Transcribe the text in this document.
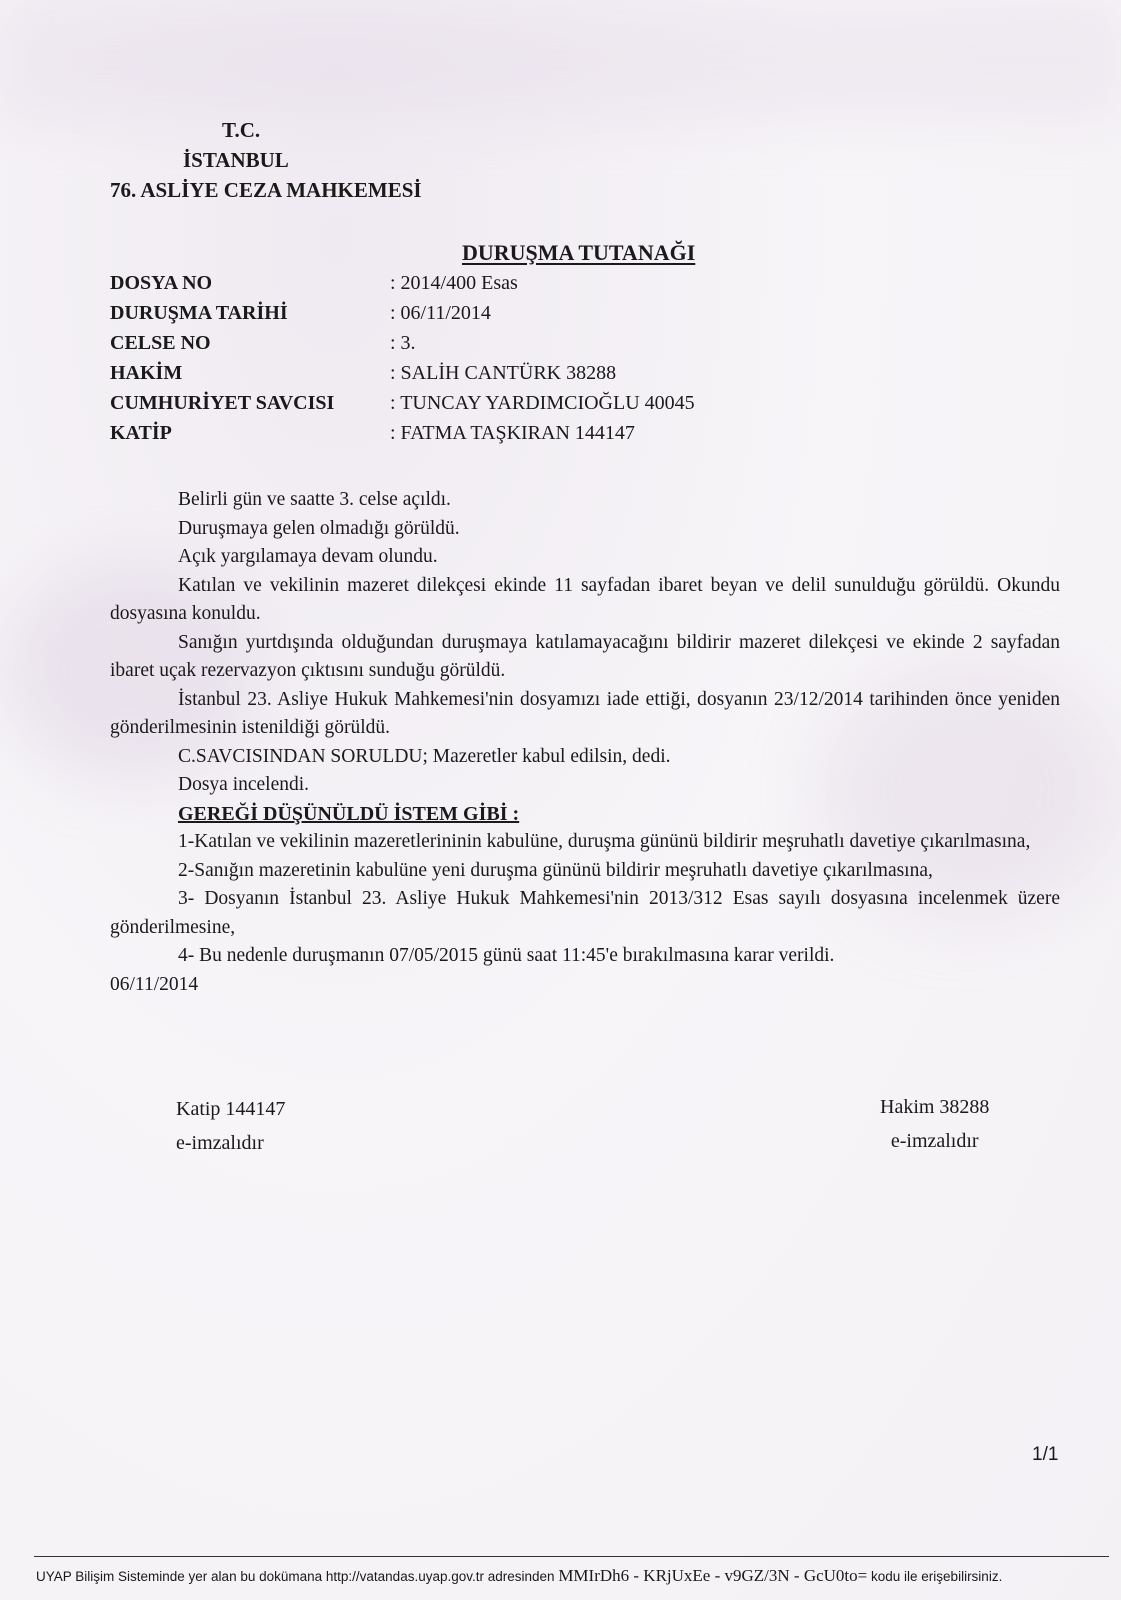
T.C.
İSTANBUL
76. ASLİYE CEZA MAHKEMESİ
DURUŞMA TUTANAĞI
DOSYA NO	: 2014/400 Esas
DURUŞMA TARİHİ	: 06/11/2014
CELSE NO	: 3.
HAKİM	: SALİH CANTÜRK 38288
CUMHURİYET SAVCISI	: TUNCAY YARDIMCIOĞLU 40045
KATİP	: FATMA TAŞKIRAN 144147

Belirli gün ve saatte 3. celse açıldı.

Duruşmaya gelen olmadığı görüldü.

Açık yargılamaya devam olundu.

Katılan ve vekilinin mazeret dilekçesi ekinde 11 sayfadan ibaret beyan ve delil sunulduğu görüldü. Okundu dosyasına konuldu.

Sanığın yurtdışında olduğundan duruşmaya katılamayacağını bildirir mazeret dilekçesi ve ekinde 2 sayfadan ibaret uçak rezervazyon çıktısını sunduğu görüldü.

İstanbul 23. Asliye Hukuk Mahkemesi'nin dosyamızı iade ettiği, dosyanın 23/12/2014 tarihinden önce yeniden gönderilmesinin istenildiği görüldü.

C.SAVCISINDAN SORULDU; Mazeretler kabul edilsin, dedi.

Dosya incelendi.

GEREĞİ DÜŞÜNÜLDÜ İSTEM GİBİ :

1-Katılan ve vekilinin mazeretlerininin kabulüne, duruşma gününü bildirir meşruhatlı davetiye çıkarılmasına,

2-Sanığın mazeretinin kabulüne yeni duruşma gününü bildirir meşruhatlı davetiye çıkarılmasına,

3- Dosyanın İstanbul 23. Asliye Hukuk Mahkemesi'nin 2013/312 Esas sayılı dosyasına incelenmek üzere gönderilmesine,

4- Bu nedenle duruşmanın 07/05/2015 günü saat 11:45'e bırakılmasına karar verildi.

06/11/2014

Katip 144147
e-imzalıdır
Hakim 38288
e-imzalıdır
1/1
UYAP Bilişim Sisteminde yer alan bu dokümana http://vatandas.uyap.gov.tr adresinden MMIrDh6 - KRjUxEe - v9GZ/3N - GcU0to= kodu ile erişebilirsiniz.
